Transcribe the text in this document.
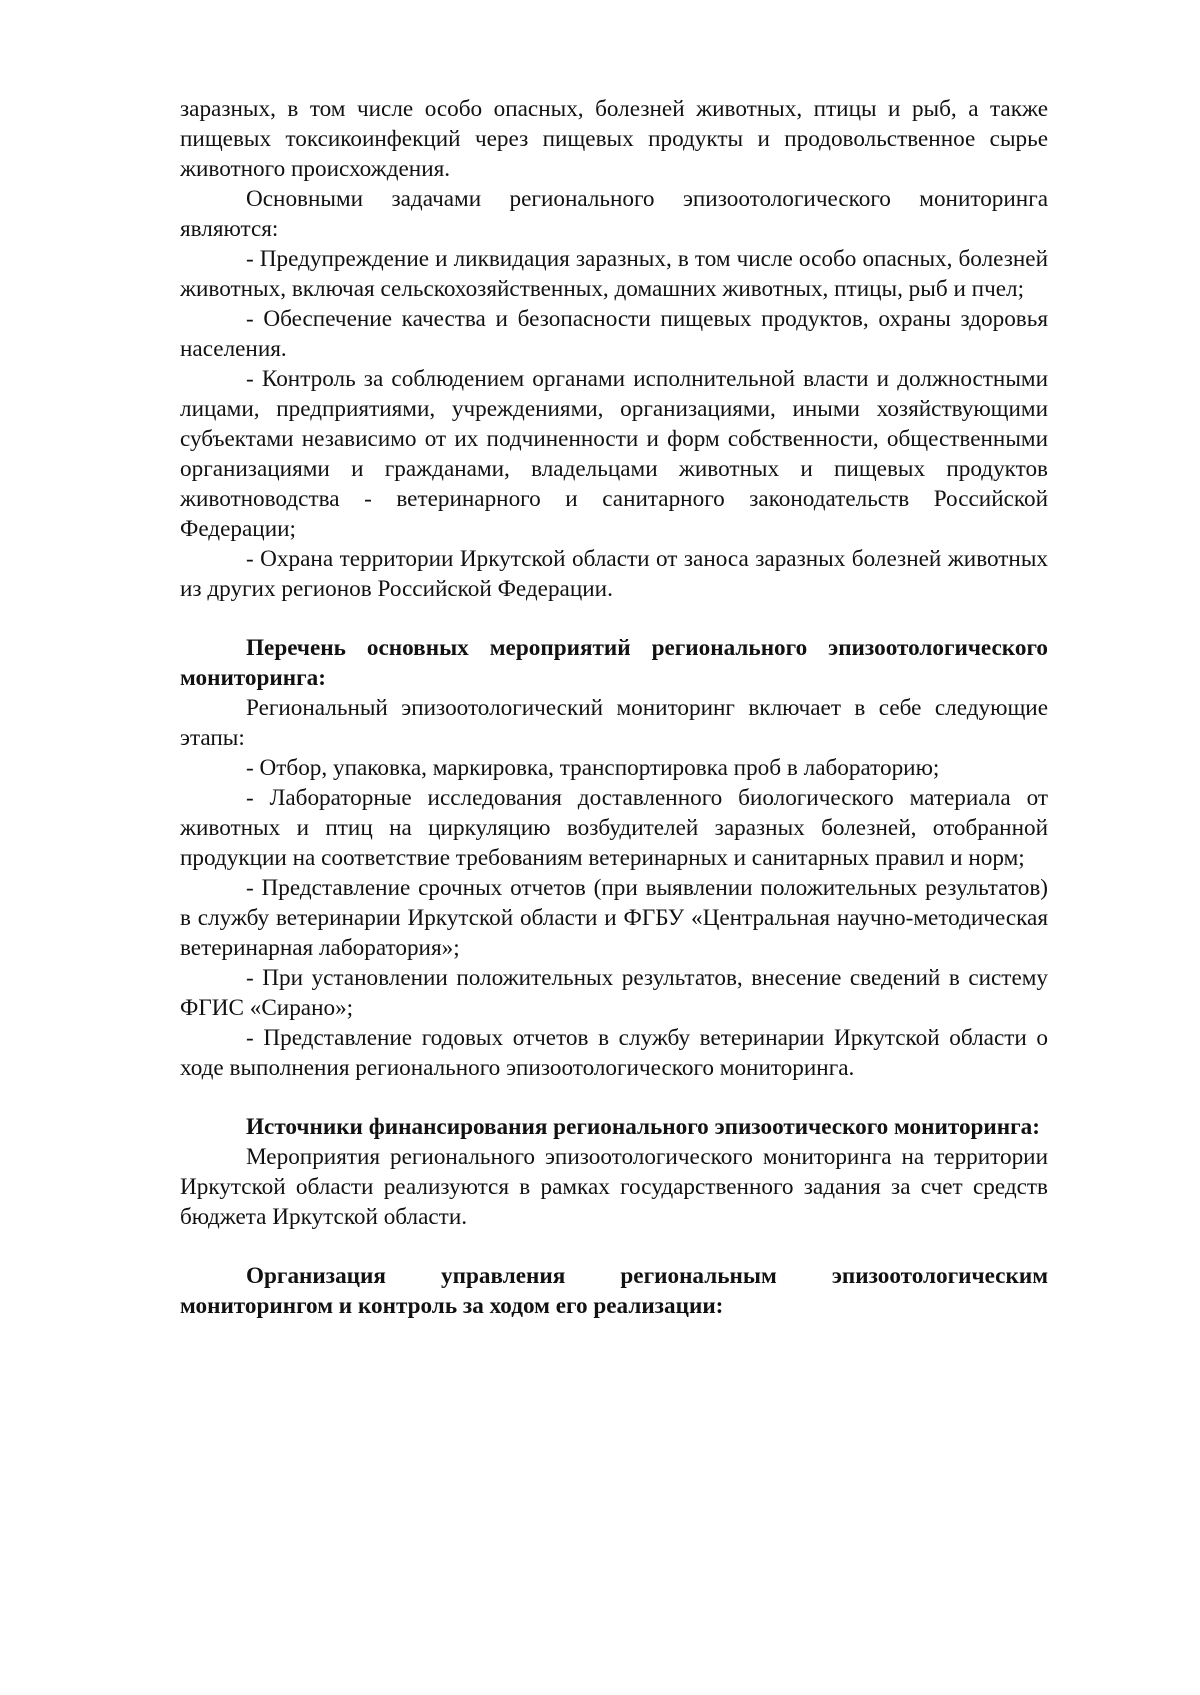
заразных, в том числе особо опасных, болезней животных, птицы и рыб, а также пищевых токсикоинфекций через пищевых продукты и продовольственное сырье животного происхождения.

Основными задачами регионального эпизоотологического мониторинга являются:

- Предупреждение и ликвидация заразных, в том числе особо опасных, болезней животных, включая сельскохозяйственных, домашних животных, птицы, рыб и пчел;

- Обеспечение качества и безопасности пищевых продуктов, охраны здоровья населения.

- Контроль за соблюдением органами исполнительной власти и должностными лицами, предприятиями, учреждениями, организациями, иными хозяйствующими субъектами независимо от их подчиненности и форм собственности, общественными организациями и гражданами, владельцами животных и пищевых продуктов животноводства - ветеринарного и санитарного законодательств Российской Федерации;

- Охрана территории Иркутской области от заноса заразных болезней животных из других регионов Российской Федерации.

Перечень основных мероприятий регионального эпизоотологического мониторинга:

Региональный эпизоотологический мониторинг включает в себе следующие этапы:

- Отбор, упаковка, маркировка, транспортировка проб в лабораторию;

- Лабораторные исследования доставленного биологического материала от животных и птиц на циркуляцию возбудителей заразных болезней, отобранной продукции на соответствие требованиям ветеринарных и санитарных правил и норм;

- Представление срочных отчетов (при выявлении положительных результатов) в службу ветеринарии Иркутской области и ФГБУ «Центральная научно-методическая ветеринарная лаборатория»;

- При установлении положительных результатов, внесение сведений в систему ФГИС «Сирано»;

- Представление годовых отчетов в службу ветеринарии Иркутской области о ходе выполнения регионального эпизоотологического мониторинга.

Источники финансирования регионального эпизоотического мониторинга:

Мероприятия регионального эпизоотологического мониторинга на территории Иркутской области реализуются в рамках государственного задания за счет средств бюджета Иркутской области.

Организация управления региональным эпизоотологическим мониторингом и контроль за ходом его реализации:
